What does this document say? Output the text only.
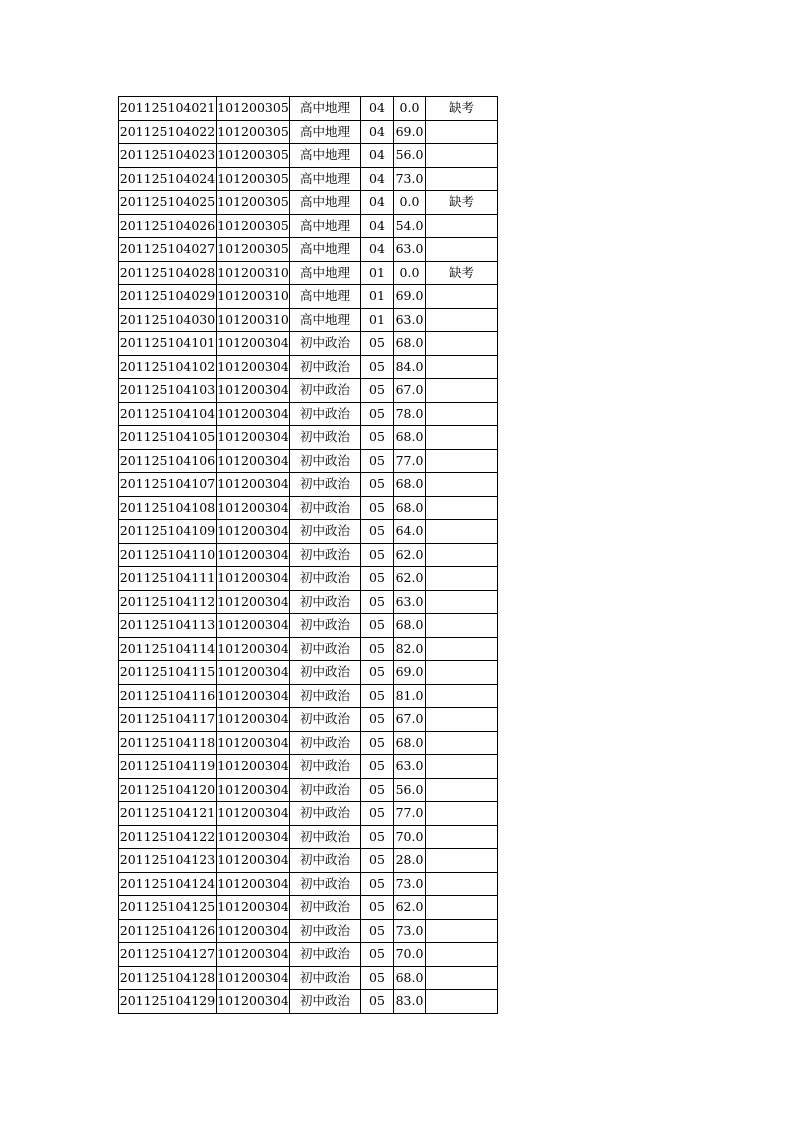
201125104021	101200305	高中地理	04	0.0	缺考
201125104022	101200305	高中地理	04	69.0	
201125104023	101200305	高中地理	04	56.0	
201125104024	101200305	高中地理	04	73.0	
201125104025	101200305	高中地理	04	0.0	缺考
201125104026	101200305	高中地理	04	54.0	
201125104027	101200305	高中地理	04	63.0	
201125104028	101200310	高中地理	01	0.0	缺考
201125104029	101200310	高中地理	01	69.0	
201125104030	101200310	高中地理	01	63.0	
201125104101	101200304	初中政治	05	68.0	
201125104102	101200304	初中政治	05	84.0	
201125104103	101200304	初中政治	05	67.0	
201125104104	101200304	初中政治	05	78.0	
201125104105	101200304	初中政治	05	68.0	
201125104106	101200304	初中政治	05	77.0	
201125104107	101200304	初中政治	05	68.0	
201125104108	101200304	初中政治	05	68.0	
201125104109	101200304	初中政治	05	64.0	
201125104110	101200304	初中政治	05	62.0	
201125104111	101200304	初中政治	05	62.0	
201125104112	101200304	初中政治	05	63.0	
201125104113	101200304	初中政治	05	68.0	
201125104114	101200304	初中政治	05	82.0	
201125104115	101200304	初中政治	05	69.0	
201125104116	101200304	初中政治	05	81.0	
201125104117	101200304	初中政治	05	67.0	
201125104118	101200304	初中政治	05	68.0	
201125104119	101200304	初中政治	05	63.0	
201125104120	101200304	初中政治	05	56.0	
201125104121	101200304	初中政治	05	77.0	
201125104122	101200304	初中政治	05	70.0	
201125104123	101200304	初中政治	05	28.0	
201125104124	101200304	初中政治	05	73.0	
201125104125	101200304	初中政治	05	62.0	
201125104126	101200304	初中政治	05	73.0	
201125104127	101200304	初中政治	05	70.0	
201125104128	101200304	初中政治	05	68.0	
201125104129	101200304	初中政治	05	83.0	
